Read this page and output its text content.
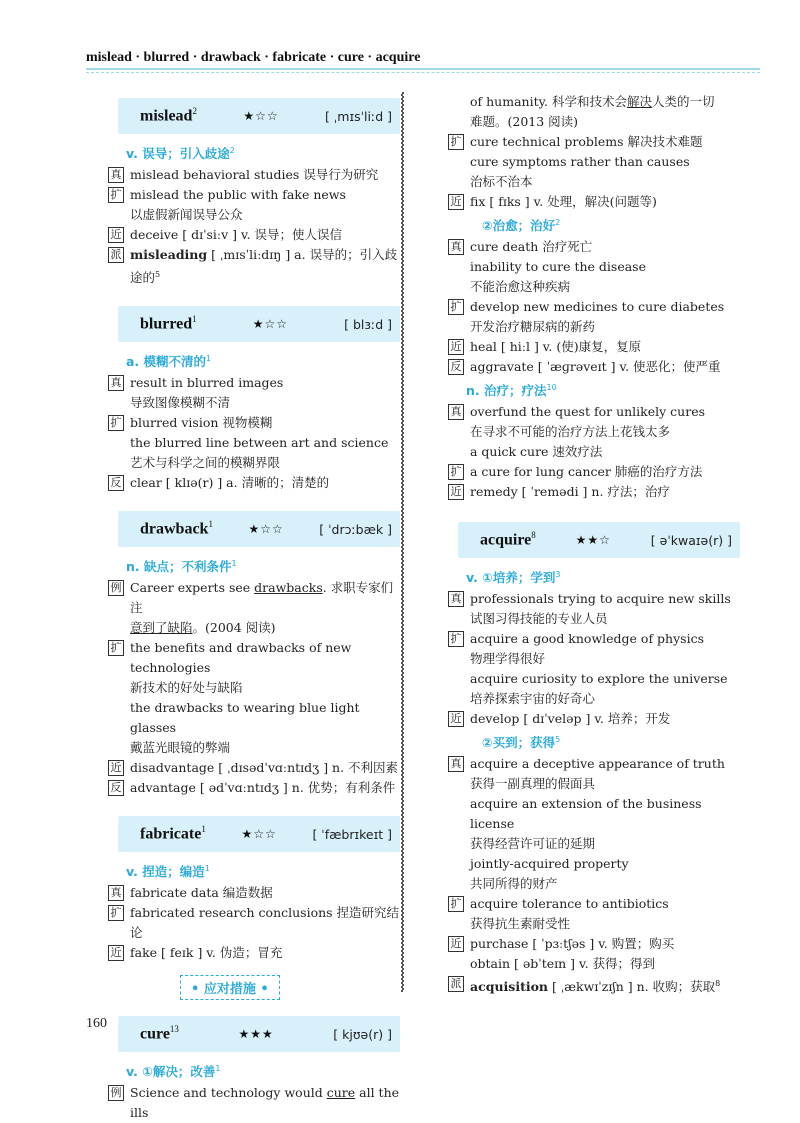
mislead · blurred · drawback · fabricate · cure · acquire
mislead$^2$	★☆☆	[ ˌmɪsˈliːd ]
v. 误导；引入歧途$^2$
真 mislead behavioral studies 误导行为研究
扩 mislead the public with fake news
以虚假新闻误导公众
近 deceive [ dɪˈsiːv ] v. 误导；使人误信
派 misleading [ ˌmɪsˈliːdɪŋ ] a. 误导的；引入歧途的$^5$
blurred$^1$	★☆☆	[ blɜːd ]
a. 模糊不清的$^1$
真 result in blurred images
导致图像模糊不清
扩 blurred vision 视物模糊
the blurred line between art and science
艺术与科学之间的模糊界限
反 clear [ klɪə(r) ] a. 清晰的；清楚的
drawback$^1$	★☆☆	[ ˈdrɔːbæk ]
n. 缺点；不利条件$^1$
例 Career experts see drawbacks. 求职专家们注
意到了缺陷。(2004 阅读)
扩 the benefits and drawbacks of new technologies
新技术的好处与缺陷
the drawbacks to wearing blue light glasses
戴蓝光眼镜的弊端
近 disadvantage [ ˌdɪsədˈvɑːntɪdʒ ] n. 不利因素
反 advantage [ ədˈvɑːntɪdʒ ] n. 优势；有利条件
fabricate$^1$	★☆☆	[ ˈfæbrɪkeɪt ]
v. 捏造；编造$^1$
真 fabricate data 编造数据
扩 fabricated research conclusions 捏造研究结论
近 fake [ feɪk ] v. 伪造；冒充
• 应对措施 •
cure$^{13}$	★★★	[ kjʊə(r) ]
v. ①解决；改善$^1$
例 Science and technology would cure all the ills
of humanity. 科学和技术会解决人类的一切
难题。(2013 阅读)
扩 cure technical problems 解决技术难题
cure symptoms rather than causes
治标不治本
近 fix [ fɪks ] v. 处理，解决(问题等)
②治愈；治好$^2$
真 cure death 治疗死亡
inability to cure the disease
不能治愈这种疾病
扩 develop new medicines to cure diabetes
开发治疗糖尿病的新药
近 heal [ hiːl ] v. (使)康复，复原
反 aggravate [ ˈæɡrəveɪt ] v. 使恶化；使严重
n. 治疗；疗法$^{10}$
真 overfund the quest for unlikely cures
在寻求不可能的治疗方法上花钱太多
a quick cure 速效疗法
扩 a cure for lung cancer 肺癌的治疗方法
近 remedy [ ˈremədi ] n. 疗法；治疗
acquire$^8$	★★☆	[ əˈkwaɪə(r) ]
v. ①培养；学到$^3$
真 professionals trying to acquire new skills
试图习得技能的专业人员
扩 acquire a good knowledge of physics
物理学得很好
acquire curiosity to explore the universe
培养探索宇宙的好奇心
近 develop [ dɪˈveləp ] v. 培养；开发
②买到；获得$^5$
真 acquire a deceptive appearance of truth
获得一副真理的假面具
acquire an extension of the business license
获得经营许可证的延期
jointly-acquired property
共同所得的财产
扩 acquire tolerance to antibiotics
获得抗生素耐受性
近 purchase [ ˈpɜːtʃəs ] v. 购置；购买
obtain [ əbˈteɪn ] v. 获得；得到
派 acquisition [ ˌækwɪˈzɪʃn ] n. 收购；获取$^8$
160
